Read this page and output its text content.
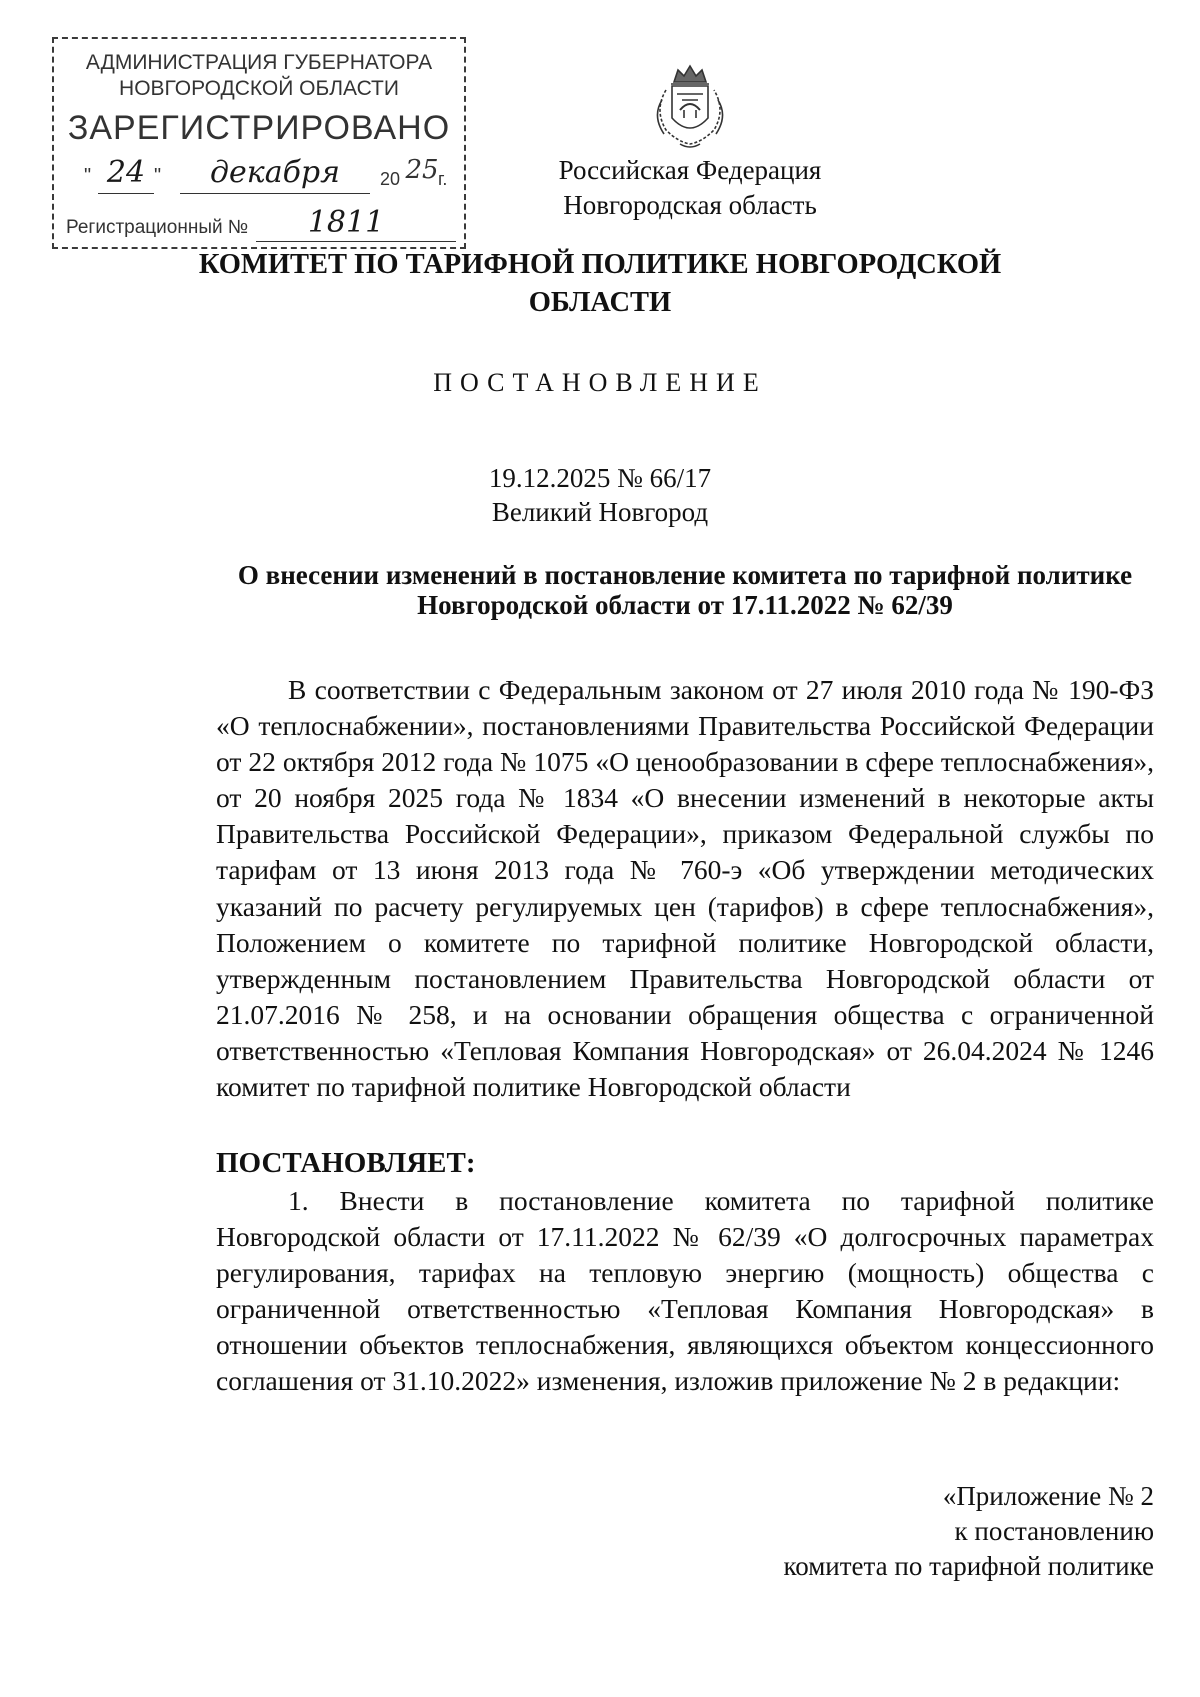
АДМИНИСТРАЦИЯ ГУБЕРНАТОРА
НОВГОРОДСКОЙ ОБЛАСТИ
ЗАРЕГИСТРИРОВАНО
" 24 "	декабря	20 25 г.
Регистрационный №	1811
Российская Федерация
Новгородская область
КОМИТЕТ ПО ТАРИФНОЙ ПОЛИТИКЕ НОВГОРОДСКОЙ ОБЛАСТИ
ПОСТАНОВЛЕНИЕ
19.12.2025 № 66/17
Великий Новгород
О внесении изменений в постановление комитета по тарифной политике Новгородской области от 17.11.2022 № 62/39

В соответствии с Федеральным законом от 27 июля 2010 года № 190-ФЗ «О теплоснабжении», постановлениями Правительства Российской Федерации от 22 октября 2012 года № 1075 «О ценообразовании в сфере теплоснабжения», от 20 ноября 2025 года № 1834 «О внесении изменений в некоторые акты Правительства Российской Федерации», приказом Федеральной службы по тарифам от 13 июня 2013 года № 760-э «Об утверждении методических указаний по расчету регулируемых цен (тарифов) в сфере теплоснабжения», Положением о комитете по тарифной политике Новгородской области, утвержденным постановлением Правительства Новгородской области от 21.07.2016 № 258, и на основании обращения общества с ограниченной ответственностью «Тепловая Компания Новгородская» от 26.04.2024 № 1246 комитет по тарифной политике Новгородской области

ПОСТАНОВЛЯЕТ:

1. Внести в постановление комитета по тарифной политике Новгородской области от 17.11.2022 № 62/39 «О долгосрочных параметрах регулирования, тарифах на тепловую энергию (мощность) общества с ограниченной ответственностью «Тепловая Компания Новгородская» в отношении объектов теплоснабжения, являющихся объектом концессионного соглашения от 31.10.2022» изменения, изложив приложение № 2 в редакции:

«Приложение № 2
к постановлению
комитета по тарифной политике
